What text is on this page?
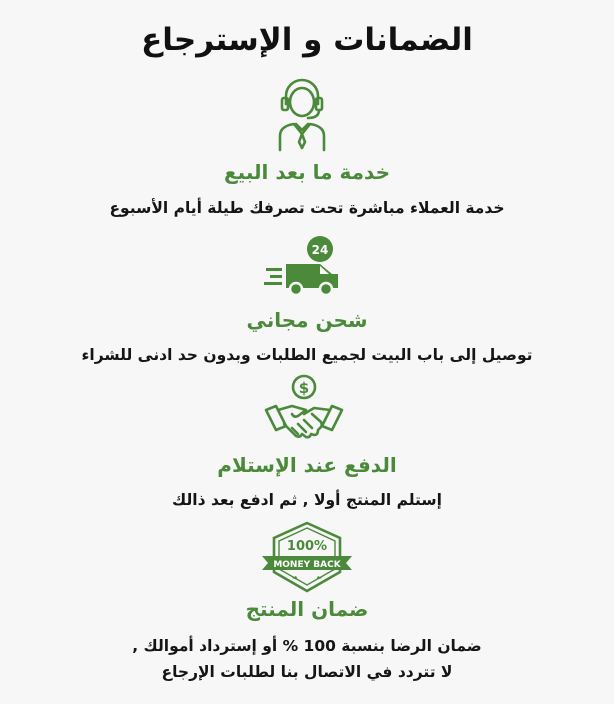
الضمانات و الإسترجاع
خدمة ما بعد البيع
خدمة العملاء مباشرة تحت تصرفك طيلة أيام الأسبوع
24
شحن مجاني
توصيل إلى باب البيت لجميع الطلبات وبدون حد ادنى للشراء
$
الدفع عند الإستلام
إستلم المنتج أولا , ثم ادفع بعد ذالك
100%
MONEY BACK
ضمان المنتج
ضمان الرضا بنسبة 100 % أو إسترداد أموالك ,
لا تتردد في الاتصال بنا لطلبات الإرجاع
